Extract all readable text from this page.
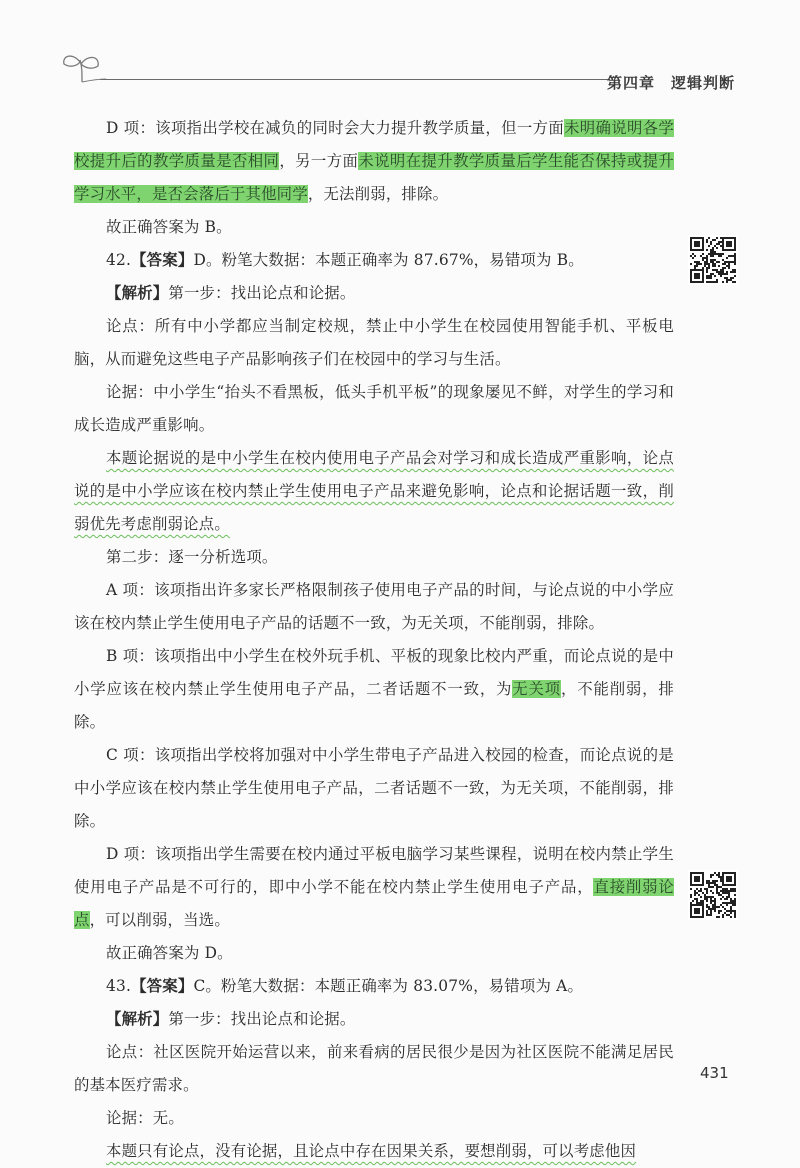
第四章 逻辑判断

D 项：该项指出学校在减负的同时会大力提升教学质量，但一方面未明确说明各学校提升后的教学质量是否相同，另一方面未说明在提升教学质量后学生能否保持或提升学习水平，是否会落后于其他同学，无法削弱，排除。

故正确答案为 B。

42.【答案】D。粉笔大数据：本题正确率为 87.67%，易错项为 B。

【解析】第一步：找出论点和论据。

论点：所有中小学都应当制定校规，禁止中小学生在校园使用智能手机、平板电脑，从而避免这些电子产品影响孩子们在校园中的学习与生活。

论据：中小学生“抬头不看黑板，低头手机平板”的现象屡见不鲜，对学生的学习和成长造成严重影响。

本题论据说的是中小学生在校内使用电子产品会对学习和成长造成严重影响，论点说的是中小学应该在校内禁止学生使用电子产品来避免影响，论点和论据话题一致，削弱优先考虑削弱论点。

第二步：逐一分析选项。

A 项：该项指出许多家长严格限制孩子使用电子产品的时间，与论点说的中小学应该在校内禁止学生使用电子产品的话题不一致，为无关项，不能削弱，排除。

B 项：该项指出中小学生在校外玩手机、平板的现象比校内严重，而论点说的是中小学应该在校内禁止学生使用电子产品，二者话题不一致，为无关项，不能削弱，排除。

C 项：该项指出学校将加强对中小学生带电子产品进入校园的检查，而论点说的是中小学应该在校内禁止学生使用电子产品，二者话题不一致，为无关项，不能削弱，排除。

D 项：该项指出学生需要在校内通过平板电脑学习某些课程，说明在校内禁止学生使用电子产品是不可行的，即中小学不能在校内禁止学生使用电子产品，直接削弱论点，可以削弱，当选。

故正确答案为 D。

43.【答案】C。粉笔大数据：本题正确率为 83.07%，易错项为 A。

【解析】第一步：找出论点和论据。

论点：社区医院开始运营以来，前来看病的居民很少是因为社区医院不能满足居民的基本医疗需求。

论据：无。

本题只有论点，没有论据，且论点中存在因果关系，要想削弱，可以考虑他因

431
